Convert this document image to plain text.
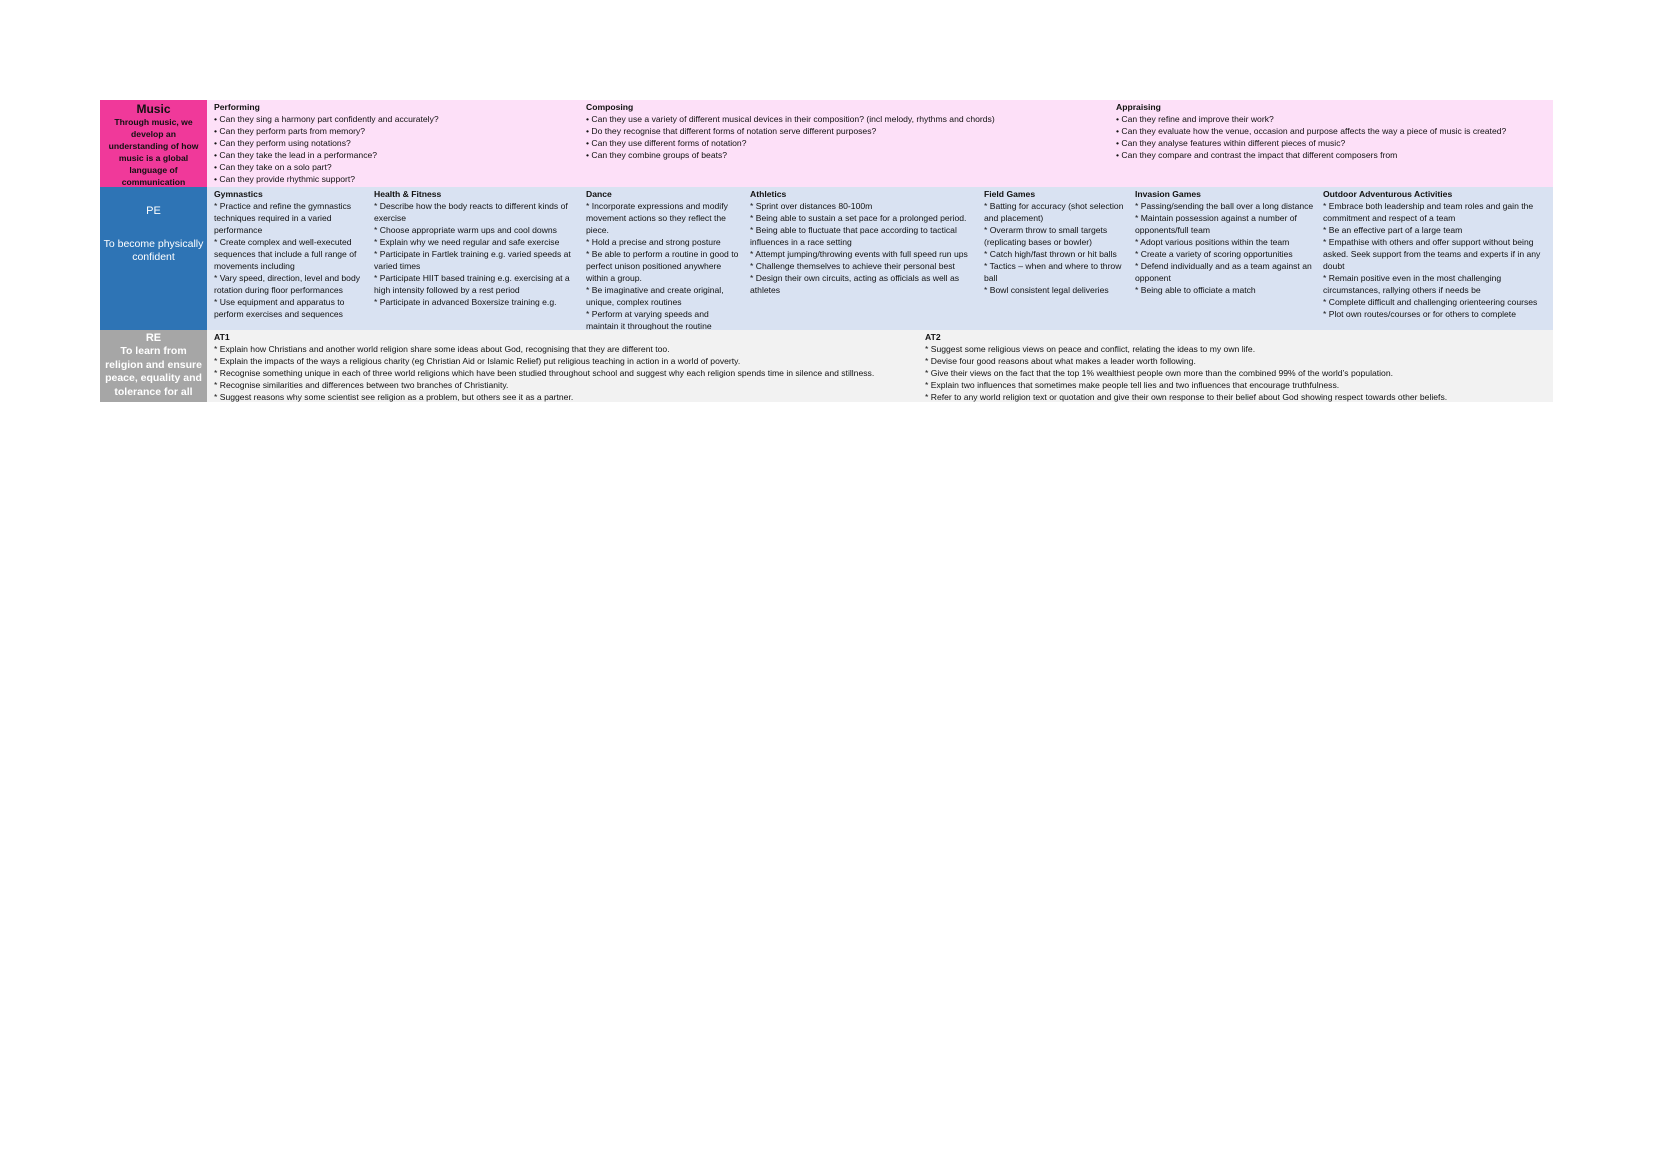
Music
Through music, we develop an understanding of how music is a global language of communication
Performing
• Can they sing a harmony part confidently and accurately?
• Can they perform parts from memory?
• Can they perform using notations?
• Can they take the lead in a performance?
• Can they take on a solo part?
• Can they provide rhythmic support?
Composing
• Can they use a variety of different musical devices in their composition? (incl melody, rhythms and chords)
• Do they recognise that different forms of notation serve different purposes?
• Can they use different forms of notation?
• Can they combine groups of beats?
Appraising
• Can they refine and improve their work?
• Can they evaluate how the venue, occasion and purpose affects the way a piece of music is created?
• Can they analyse features within different pieces of music?
• Can they compare and contrast the impact that different composers from
PE
To become physically confident
Gymnastics
* Practice and refine the gymnastics techniques required in a varied performance
* Create complex and well-executed sequences that include a full range of movements including
* Vary speed, direction, level and body rotation during floor performances
* Use equipment and apparatus to perform exercises and sequences
Health & Fitness
* Describe how the body reacts to different kinds of exercise
* Choose appropriate warm ups and cool downs
* Explain why we need regular and safe exercise
* Participate in Fartlek training e.g. varied speeds at varied times
* Participate HIIT based training e.g. exercising at a high intensity followed by a rest period
* Participate in advanced Boxersize training e.g.
Dance
* Incorporate expressions and modify movement actions so they reflect the piece.
* Hold a precise and strong posture
* Be able to perform a routine in good to perfect unison positioned anywhere within a group.
* Be imaginative and create original, unique, complex routines
* Perform at varying speeds and maintain it throughout the routine
Athletics
* Sprint over distances 80-100m
* Being able to sustain a set pace for a prolonged period.
* Being able to fluctuate that pace according to tactical influences in a race setting
* Attempt jumping/throwing events with full speed run ups
* Challenge themselves to achieve their personal best
* Design their own circuits, acting as officials as well as athletes
Field Games
* Batting for accuracy (shot selection and placement)
* Overarm throw to small targets (replicating bases or bowler)
* Catch high/fast thrown or hit balls
* Tactics – when and where to throw ball
* Bowl consistent legal deliveries
Invasion Games
* Passing/sending the ball over a long distance
* Maintain possession against a number of opponents/full team
* Adopt various positions within the team
* Create a variety of scoring opportunities
* Defend individually and as a team against an opponent
* Being able to officiate a match
Outdoor Adventurous Activities
* Embrace both leadership and team roles and gain the commitment and respect of a team
* Be an effective part of a large team
* Empathise with others and offer support without being asked. Seek support from the teams and experts if in any doubt
* Remain positive even in the most challenging circumstances, rallying others if needs be
* Complete difficult and challenging orienteering courses
* Plot own routes/courses or for others to complete
RE
To learn from religion and ensure peace, equality and tolerance for all
AT1
* Explain how Christians and another world religion share some ideas about God, recognising that they are different too.
* Explain the impacts of the ways a religious charity (eg Christian Aid or Islamic Relief) put religious teaching in action in a world of poverty.
* Recognise something unique in each of three world religions which have been studied throughout school and suggest why each religion spends time in silence and stillness.
* Recognise similarities and differences between two branches of Christianity.
* Suggest reasons why some scientist see religion as a problem, but others see it as a partner.
AT2
* Suggest some religious views on peace and conflict, relating the ideas to my own life.
* Devise four good reasons about what makes a leader worth following.
* Give their views on the fact that the top 1% wealthiest people own more than the combined 99% of the world’s population.
* Explain two influences that sometimes make people tell lies and two influences that encourage truthfulness.
* Refer to any world religion text or quotation and give their own response to their belief about God showing respect towards other beliefs.
